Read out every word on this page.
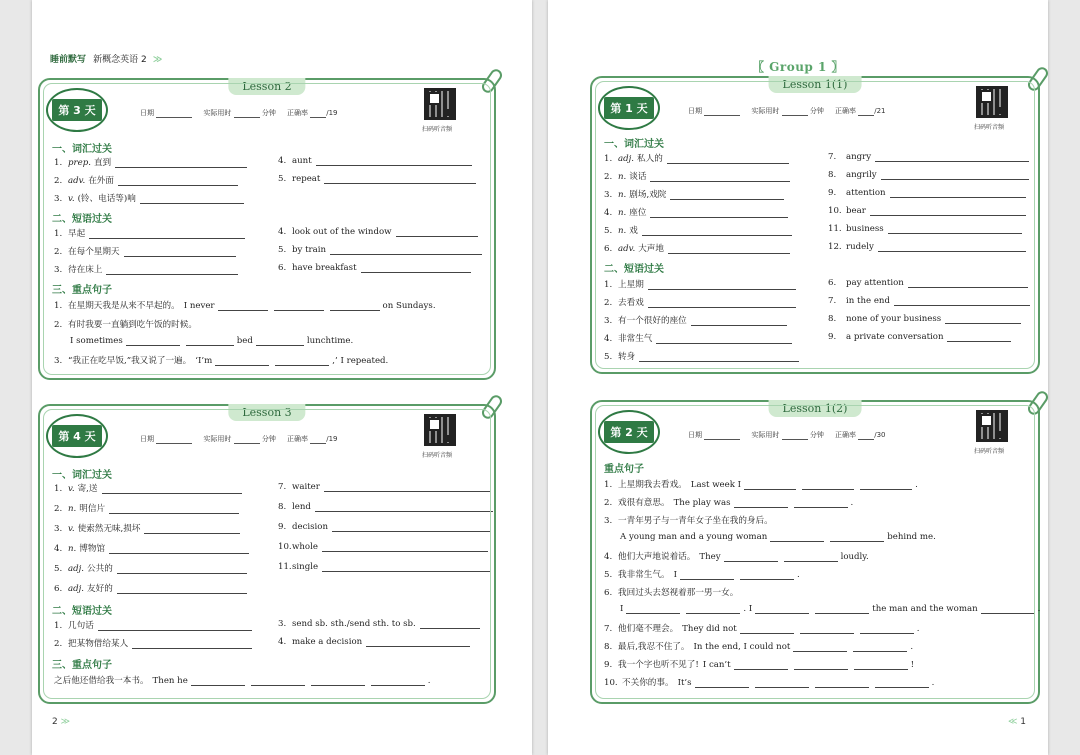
睡前默写 新概念英语 2 ≫
第 3 天
Lesson 2
日期	实际用时	分钟 正确率	/19
扫码听音频
一、词汇过关
1. prep. 直到
2. adv. 在外面
3. v. (铃、电话等)响
4. aunt
5. repeat
二、短语过关
1. 早起
2. 在每个星期天
3. 待在床上
4. look out of the window
5. by train
6. have breakfast
三、重点句子
1. 在星期天我是从来不早起的。 I never	on Sundays.
2. 有时我要一直躺到吃午饭的时候。
I sometimes	bed	lunchtime.
3. “我正在吃早饭,”我又说了一遍。 ‘I’m	,’ I repeated.
第 4 天
Lesson 3
日期	实际用时	分钟 正确率	/19
扫码听音频
一、词汇过关
1. v. 寄,送
2. n. 明信片
3. v. 使索然无味,损坏
4. n. 博物馆
5. adj. 公共的
6. adj. 友好的
7. waiter
8. lend
9. decision
10. whole
11. single
二、短语过关
1. 几句话
2. 把某物借给某人
3. send sb. sth./send sth. to sb.
4. make a decision
三、重点句子
之后他还借给我一本书。 Then he	.
2 ≫
〖 Group 1 〗
第 1 天
Lesson 1(1)
日期	实际用时	分钟 正确率	/21
扫码听音频
一、词汇过关
1. adj. 私人的
2. n. 谈话
3. n. 剧场,戏院
4. n. 座位
5. n. 戏
6. adv. 大声地
7.	angry
8.	angrily
9.	attention
10. bear
11. business
12. rudely
二、短语过关
1. 上星期
2. 去看戏
3. 有一个很好的座位
4. 非常生气
5. 转身
6.	pay attention
7.	in the end
8.	none of your business
9.	a private conversation
第 2 天
Lesson 1(2)
日期	实际用时	分钟 正确率	/30
扫码听音频
重点句子
1. 上星期我去看戏。 Last week I	.
2. 戏很有意思。 The play was	.
3. 一青年男子与一青年女子坐在我的身后。
A young man and a young woman	behind me.
4. 他们大声地说着话。 They	loudly.
5. 我非常生气。 I	.
6. 我回过头去怒视着那一男一女。
I	. I	the man and the woman	.
7. 他们毫不理会。 They did not	.
8. 最后,我忍不住了。 In the end, I could not	.
9. 我一个字也听不见了! I can’t	!
10. 不关你的事。 It’s	.
≪ 1
